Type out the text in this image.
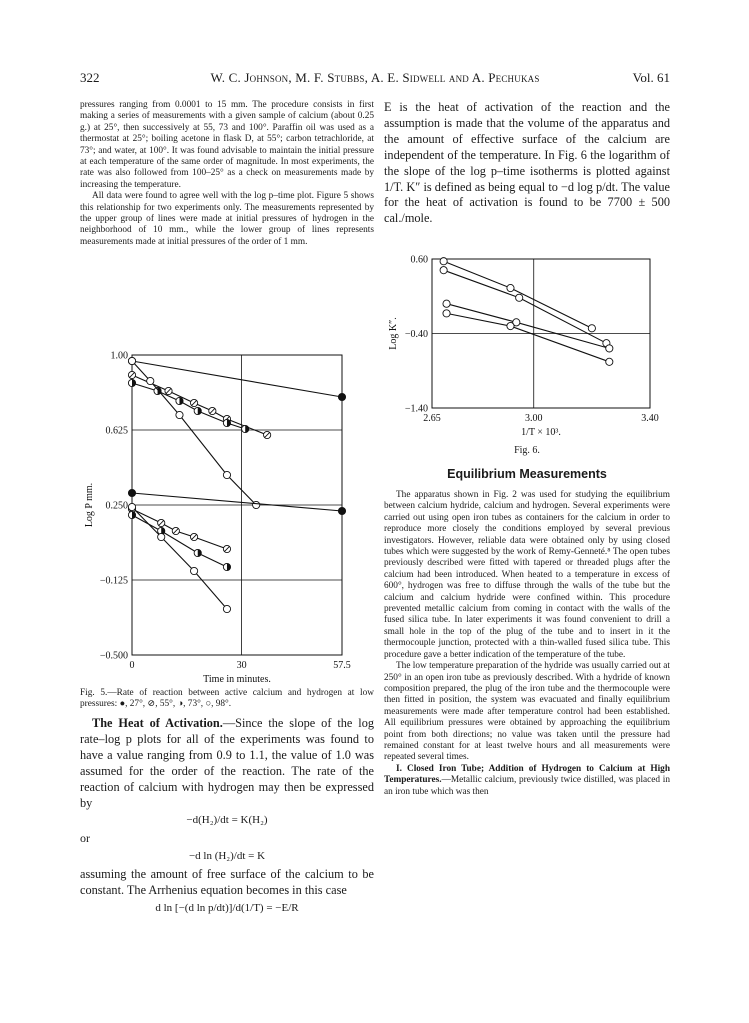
322	W. C. Johnson, M. F. Stubbs, A. E. Sidwell and A. Pechukas	Vol. 61

pressures ranging from 0.0001 to 15 mm. The procedure consists in first making a series of measurements with a given sample of calcium (about 0.25 g.) at 25°, then successively at 55, 73 and 100°. Paraffin oil was used as a thermostat at 25°; boiling acetone in flask D, at 55°; carbon tetrachloride, at 73°; and water, at 100°. It was found advisable to maintain the initial pressure at each temperature of the same order of magnitude. In most experiments, the rate was also followed from 100–25° as a check on measurements made by increasing the temperature.

All data were found to agree well with the log p–time plot. Figure 5 shows this relationship for two experiments only. The measurements represented by the upper group of lines were made at initial pressures of hydrogen in the neighborhood of 10 mm., while the lower group of lines represents measurements made at initial pressures of the order of 1 mm.

1.00
0.625
0.250
−0.125
−0.500
0	30	57.5
Time in minutes.
Log P mm.
Fig. 5.—Rate of reaction between active calcium and hydrogen at low pressures: ●, 27°, ⊘, 55°, ◑, 73°, ○, 98°.

The Heat of Activation.—Since the slope of the log rate–log p plots for all of the experiments was found to have a value ranging from 0.9 to 1.1, the value of 1.0 was assumed for the order of the reaction. The rate of the reaction of calcium with hydrogen may then be expressed by

−d(H₂)/dt = K(H₂)
or
−d ln (H₂)/dt = K

assuming the amount of free surface of the calcium to be constant. The Arrhenius equation becomes in this case

d ln [−(d ln p/dt)]/d(1/T) = −E/R
E is the heat of activation of the reaction and the assumption is made that the volume of the apparatus and the amount of effective surface of the calcium are independent of the temperature. In Fig. 6 the logarithm of the slope of the log p–time isotherms is plotted against 1/T. K″ is defined as being equal to −d log p/dt. The value for the heat of activation is found to be 7700 ± 500 cal./mole.
0.60
−0.40
−1.40
2.65	3.00	3.40
1/T × 10³.
Log K″.
Fig. 6.
Equilibrium Measurements

The apparatus shown in Fig. 2 was used for studying the equilibrium between calcium hydride, calcium and hydrogen. Several experiments were carried out using open iron tubes as containers for the calcium in order to reproduce more closely the conditions employed by several previous investigators. However, reliable data were obtained only by using closed tubes which were suggested by the work of Remy-Genneté.⁸ The open tubes previously described were fitted with tapered or threaded plugs after the calcium had been introduced. When heated to a temperature in excess of 600°, hydrogen was free to diffuse through the walls of the tube but the calcium and calcium hydride were confined within. This procedure prevented metallic calcium from coming in contact with the walls of the fused silica tube. In later experiments it was found convenient to drill a small hole in the top of the plug of the tube and to insert in it the thermocouple junction, protected with a thin-walled fused silica tube. This procedure gave a better indication of the temperature of the tube.

The low temperature preparation of the hydride was usually carried out at 250° in an open iron tube as previously described. With a hydride of known composition prepared, the plug of the iron tube and the thermocouple were then fitted in position, the system was evacuated and finally equilibrium measurements were made after temperature control had been established. All equilibrium pressures were obtained by approaching the equilibrium point from both directions; no value was taken until the pressure had remained constant for at least twelve hours and all measurements were repeated several times.

I. Closed Iron Tube; Addition of Hydrogen to Calcium at High Temperatures.—Metallic calcium, previously twice distilled, was placed in an iron tube which was then
